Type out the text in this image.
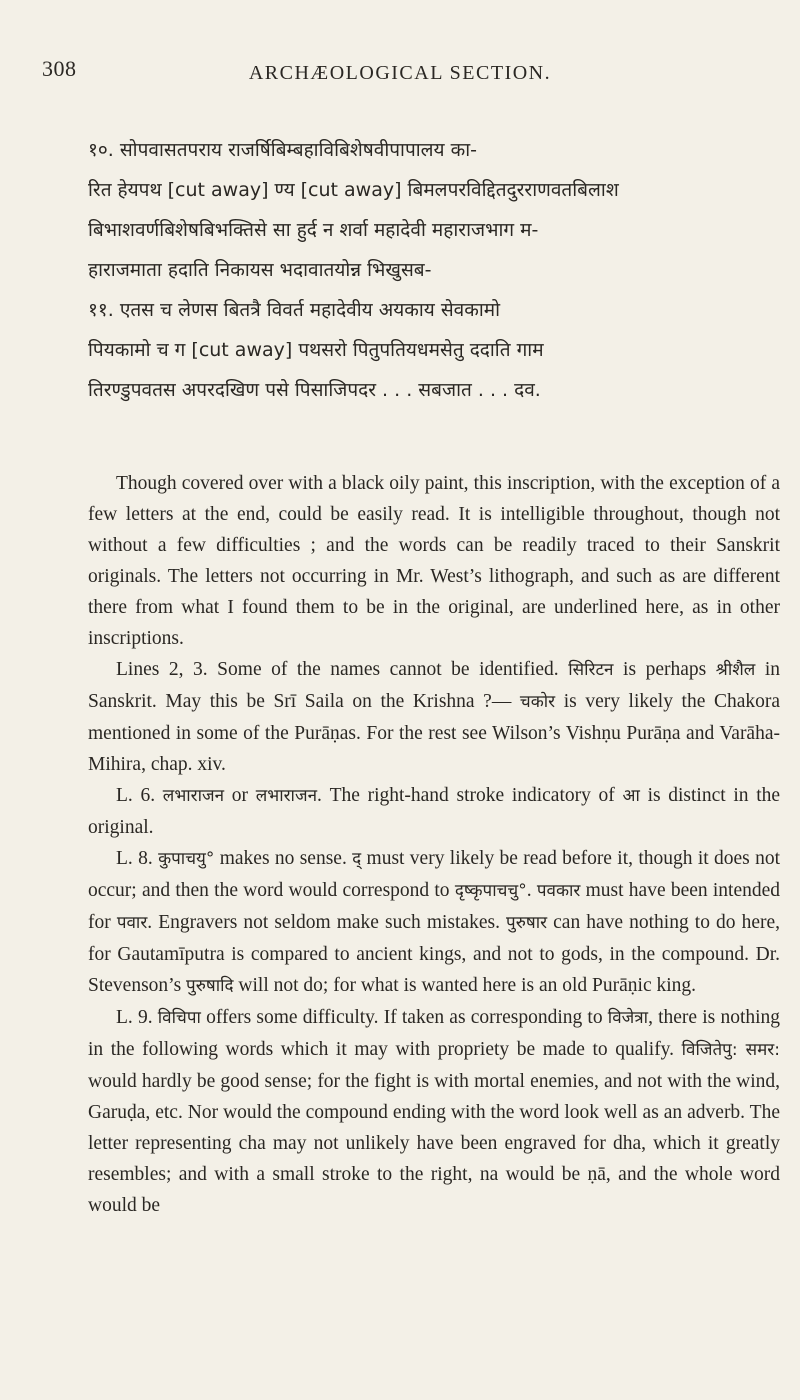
308	ARCHÆOLOGICAL SECTION.
१०. सोपवासतपराय राजर्षिबिम्बहाविबिशेषवीपापालय का-
रित हेयपथ [cut away] ण्य [cut away] बिमलपरविद्दितदुरराणवतबिलाश
बिभाशवर्णबिशेषबिभक्तिसे सा हुर्द न शर्वा महादेवी महाराजभाग म-
हाराजमाता हदाति निकायस भदावातयोन्न भिखुसब-
११. एतस च लेणस बितत्रै विवर्त महादेवीय अयकाय सेवकामो
पियकामो च ग [cut away] पथसरो पितुपतियधमसेतु ददाति गाम
तिरण्डुपवतस अपरदखिण पसे पिसाजिपदर . . . सबजात . . . दव.

Though covered over with a black oily paint, this inscription, with the exception of a few letters at the end, could be easily read. It is intelligible throughout, though not without a few difficulties ; and the words can be readily traced to their Sanskrit originals. The letters not occurring in Mr. West’s lithograph, and such as are different there from what I found them to be in the original, are underlined here, as in other inscriptions.

Lines 2, 3. Some of the names cannot be identified. सिरिटन is perhaps श्रीशैल in Sanskrit. May this be Srī Saila on the Krishna ?— चकोर is very likely the Chakora mentioned in some of the Purāṇas. For the rest see Wilson’s Vishṇu Purāṇa and Varāha-Mihira, chap. xiv.

L. 6. लभाराजन or लभाराजन. The right-hand stroke indicatory of आ is distinct in the original.

L. 8. कुपाचयु° makes no sense. द् must very likely be read before it, though it does not occur; and then the word would correspond to दृष्कृपाचचु°. पवकार must have been intended for पवार. Engravers not seldom make such mistakes. पुरुषार can have nothing to do here, for Gautamīputra is compared to ancient kings, and not to gods, in the compound. Dr. Stevenson’s पुरुषादि will not do; for what is wanted here is an old Purāṇic king.

L. 9. विचिपा offers some difficulty. If taken as corresponding to विजेत्रा, there is nothing in the following words which it may with propriety be made to qualify. विजितेपु: समर: would hardly be good sense; for the fight is with mortal enemies, and not with the wind, Garuḍa, etc. Nor would the compound ending with the word look well as an adverb. The letter representing cha may not unlikely have been engraved for dha, which it greatly resembles; and with a small stroke to the right, na would be ṇā, and the whole word would be
